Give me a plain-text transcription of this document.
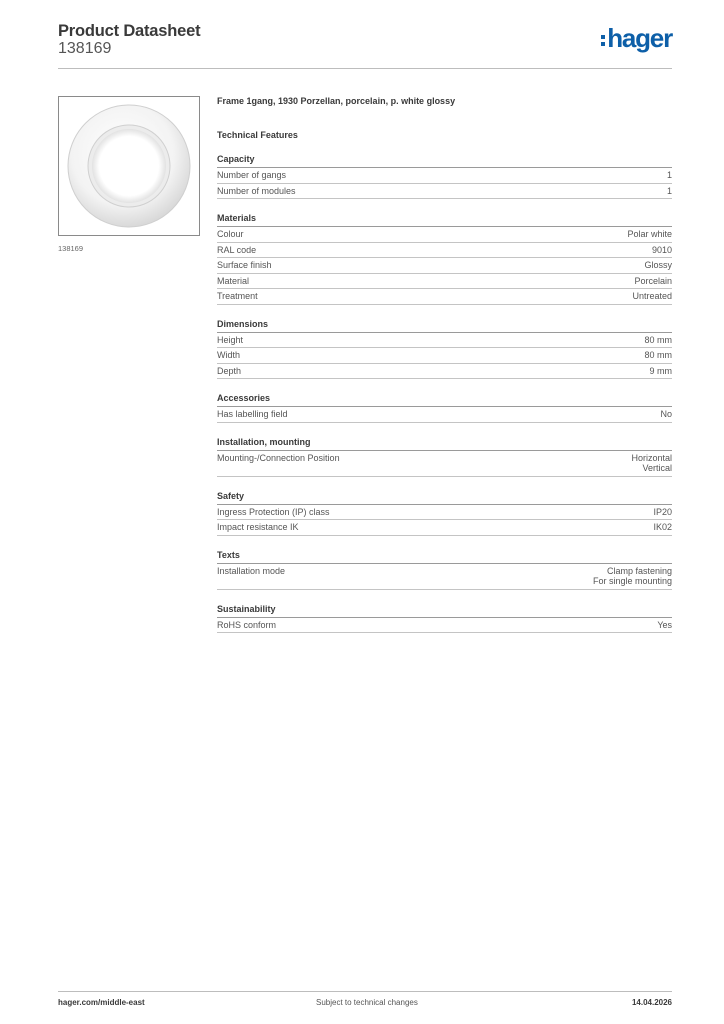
Product Datasheet
138169	hager
138169
Frame 1gang, 1930 Porzellan, porcelain, p. white glossy
Technical Features
Capacity
Number of gangs	1
Number of modules	1
Materials
Colour	Polar white
RAL code	9010
Surface finish	Glossy
Material	Porcelain
Treatment	Untreated
Dimensions
Height	80 mm
Width	80 mm
Depth	9 mm
Accessories
Has labelling field	No
Installation, mounting
Mounting-/Connection Position	Horizontal
Vertical
Safety
Ingress Protection (IP) class	IP20
Impact resistance IK	IK02
Texts
Installation mode	Clamp fastening
For single mounting
Sustainability
RoHS conform	Yes
hager.com/middle-east	Subject to technical changes	14.04.2026
